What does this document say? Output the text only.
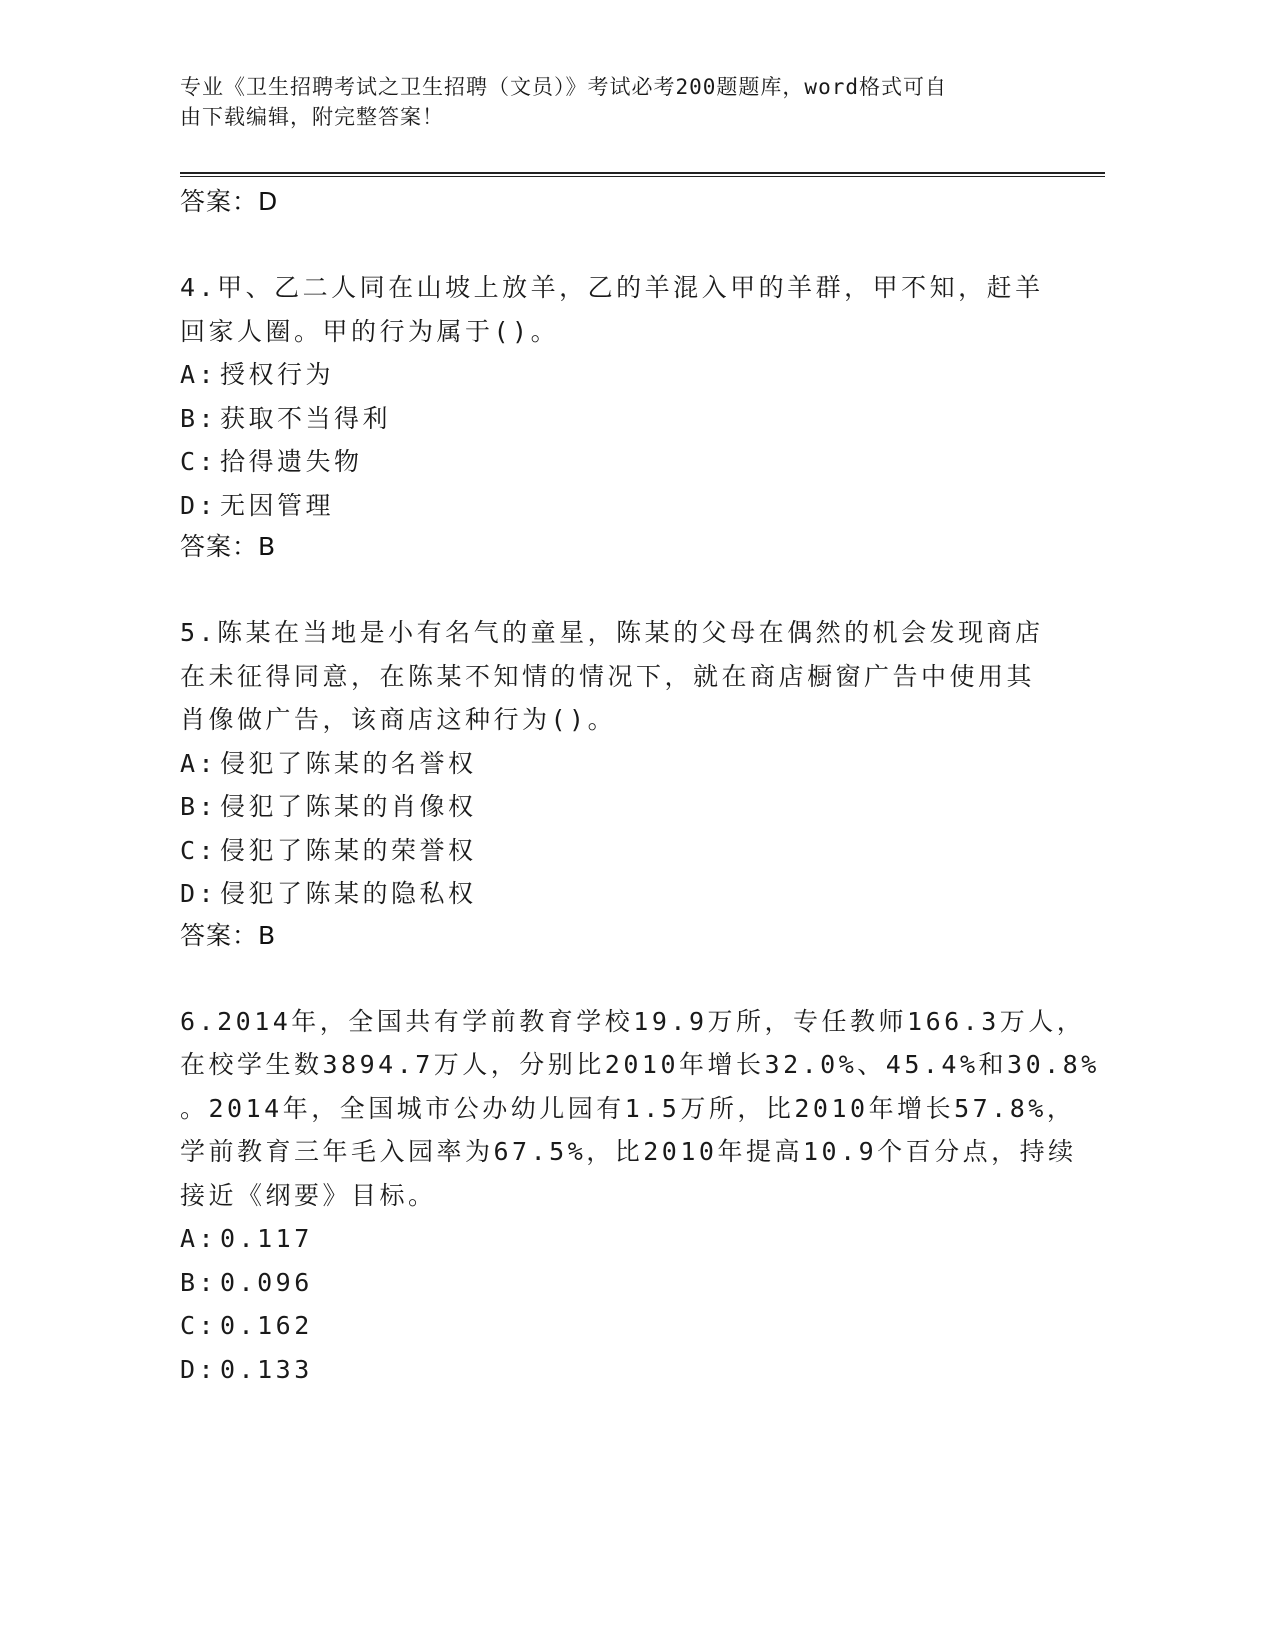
专业《卫生招聘考试之卫生招聘（文员）》考试必考200题题库，word格式可自
由下载编辑，附完整答案！
答案：D
4.甲、乙二人同在山坡上放羊，乙的羊混入甲的羊群，甲不知，赶羊
回家人圈。甲的行为属于()。
A: 授权行为
B: 获取不当得利
C: 拾得遗失物
D: 无因管理
答案：B
5.陈某在当地是小有名气的童星，陈某的父母在偶然的机会发现商店
在未征得同意，在陈某不知情的情况下，就在商店橱窗广告中使用其
肖像做广告，该商店这种行为()。
A: 侵犯了陈某的名誉权
B: 侵犯了陈某的肖像权
C: 侵犯了陈某的荣誉权
D: 侵犯了陈某的隐私权
答案：B
6.2014年，全国共有学前教育学校19.9万所，专任教师166.3万人，
在校学生数3894.7万人，分别比2010年增长32.0%、45.4%和30.8%
。2014年，全国城市公办幼儿园有1.5万所，比2010年增长57.8%，
学前教育三年毛入园率为67.5%，比2010年提高10.9个百分点，持续
接近《纲要》目标。
A: 0.117
B: 0.096
C: 0.162
D: 0.133
